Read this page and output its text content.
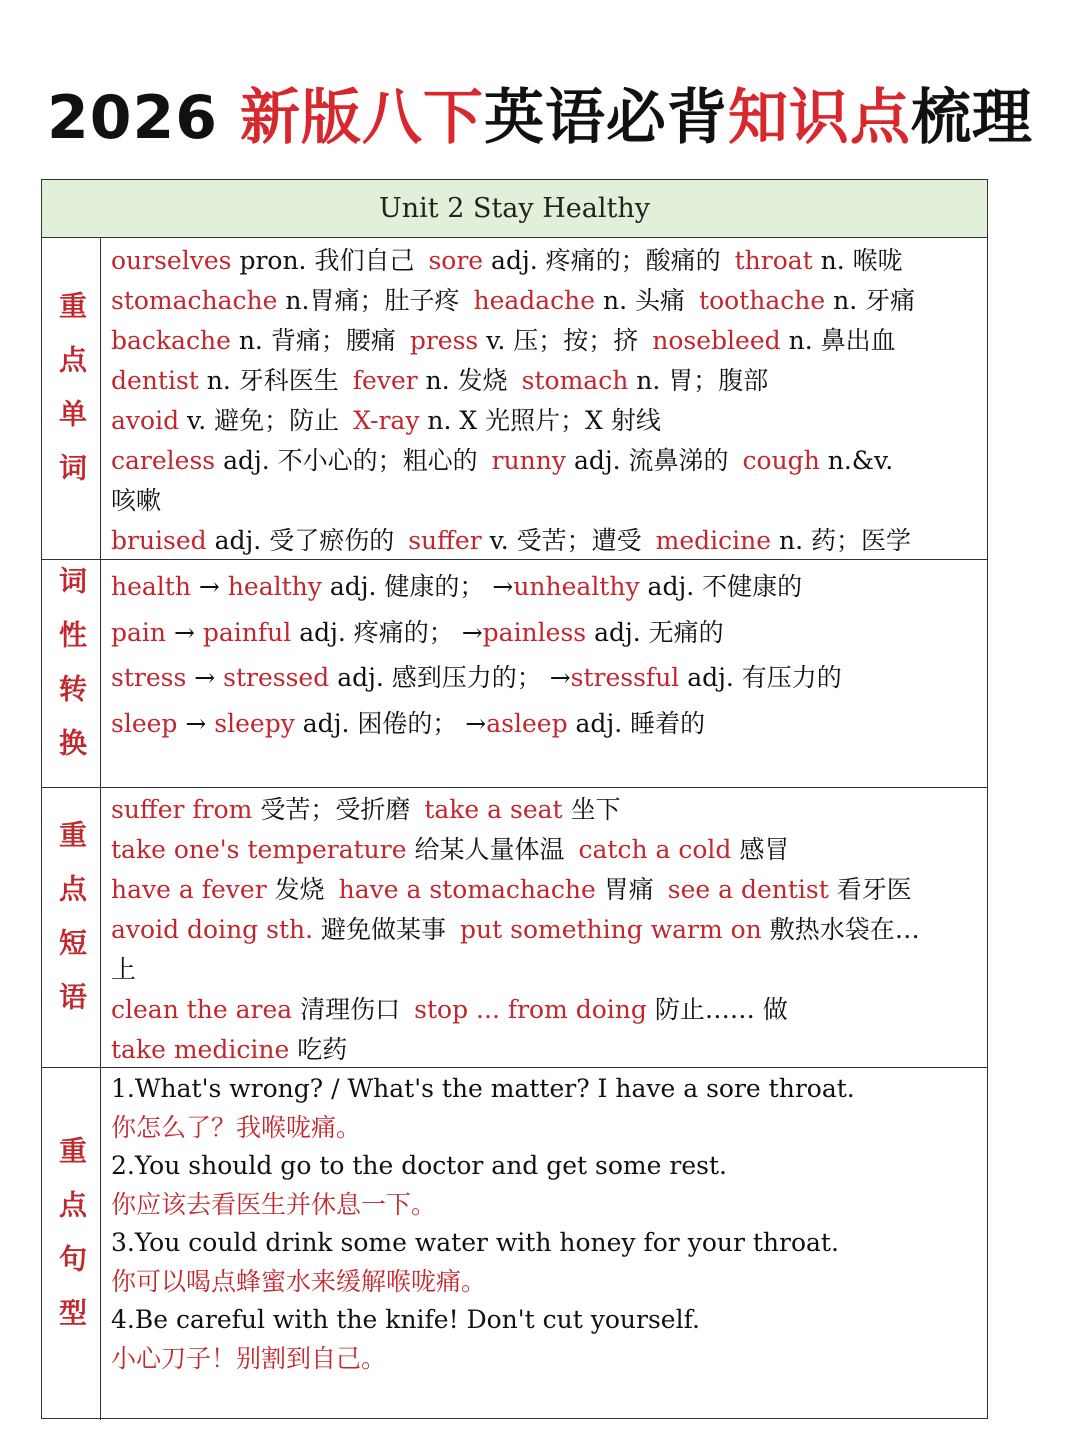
2026 新版八下英语必背知识点梳理
Unit 2 Stay Healthy
重点单词
ourselves pron. 我们自己 sore adj. 疼痛的；酸痛的 throat n. 喉咙
stomachache n.胃痛；肚子疼 headache n. 头痛 toothache n. 牙痛
backache n. 背痛；腰痛 press v. 压；按；挤 nosebleed n. 鼻出血
dentist n. 牙科医生 fever n. 发烧 stomach n. 胃；腹部
avoid v. 避免；防止 X-ray n. X 光照片；X 射线
careless adj. 不小心的；粗心的 runny adj. 流鼻涕的 cough n.&v.
咳嗽
bruised adj. 受了瘀伤的 suffer v. 受苦；遭受 medicine n. 药；医学
词性转换 health → healthy adj. 健康的； →unhealthy adj. 不健康的
pain → painful adj. 疼痛的； →painless adj. 无痛的
stress → stressed adj. 感到压力的； →stressful adj. 有压力的
sleep → sleepy adj. 困倦的； →asleep adj. 睡着的
重点短语
suffer from 受苦；受折磨 take a seat 坐下
take one's temperature 给某人量体温 catch a cold 感冒
have a fever 发烧 have a stomachache 胃痛 see a dentist 看牙医
avoid doing sth. 避免做某事 put something warm on 敷热水袋在…
上
clean the area 清理伤口 stop ... from doing 防止…… 做
take medicine 吃药
重点句型
1.What's wrong? / What's the matter? I have a sore throat.
你怎么了？我喉咙痛。
2.You should go to the doctor and get some rest.
你应该去看医生并休息一下。
3.You could drink some water with honey for your throat.
你可以喝点蜂蜜水来缓解喉咙痛。
4.Be careful with the knife! Don't cut yourself.
小心刀子！别割到自己。
